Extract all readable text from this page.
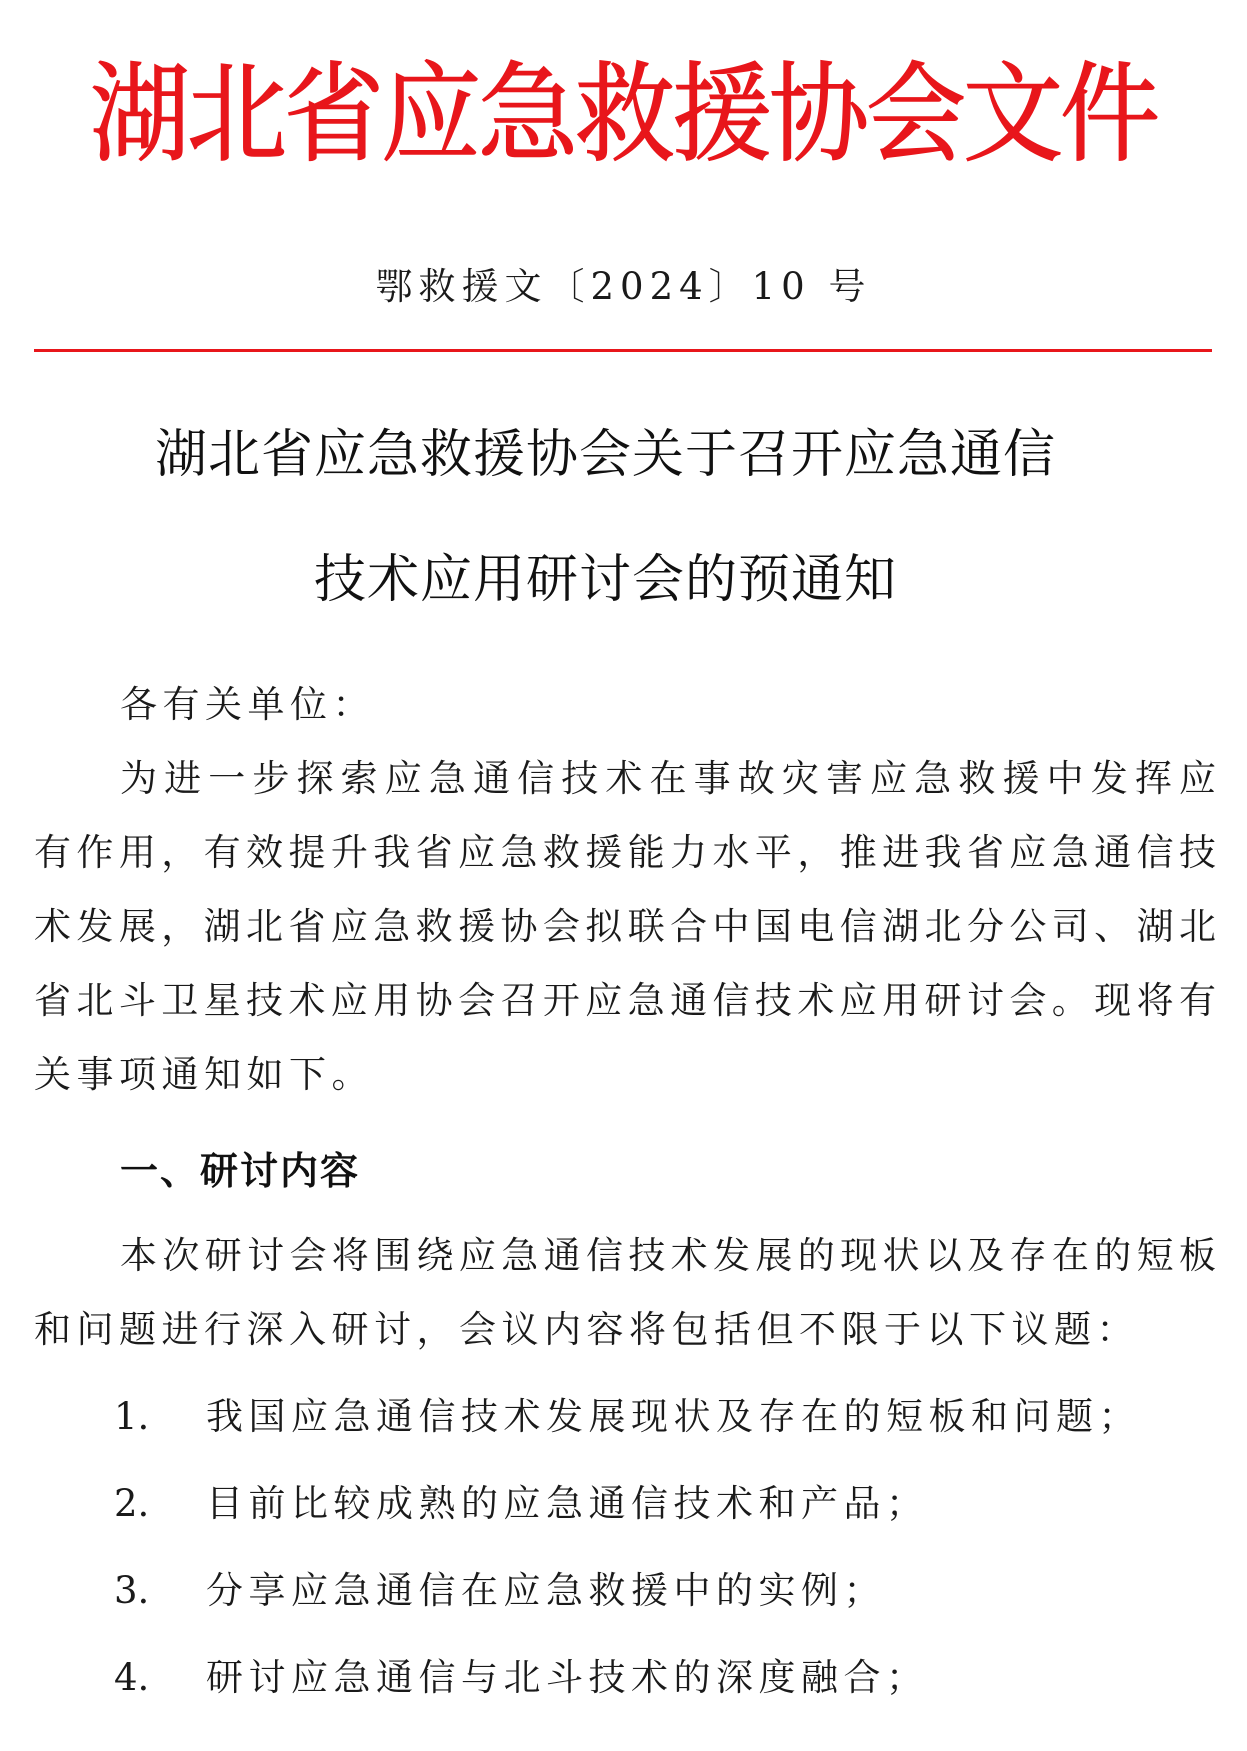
湖北省应急救援协会文件
鄂救援文〔2024〕10 号
湖北省应急救援协会关于召开应急通信
技术应用研讨会的预通知
各有关单位：
为进一步探索应急通信技术在事故灾害应急救援中发挥应
有作用，有效提升我省应急救援能力水平，推进我省应急通信技
术发展，湖北省应急救援协会拟联合中国电信湖北分公司、湖北
省北斗卫星技术应用协会召开应急通信技术应用研讨会。现将有
关事项通知如下。
一、研讨内容
本次研讨会将围绕应急通信技术发展的现状以及存在的短板
和问题进行深入研讨，会议内容将包括但不限于以下议题：
1. 我国应急通信技术发展现状及存在的短板和问题；
2. 目前比较成熟的应急通信技术和产品；
3. 分享应急通信在应急救援中的实例；
4. 研讨应急通信与北斗技术的深度融合；
